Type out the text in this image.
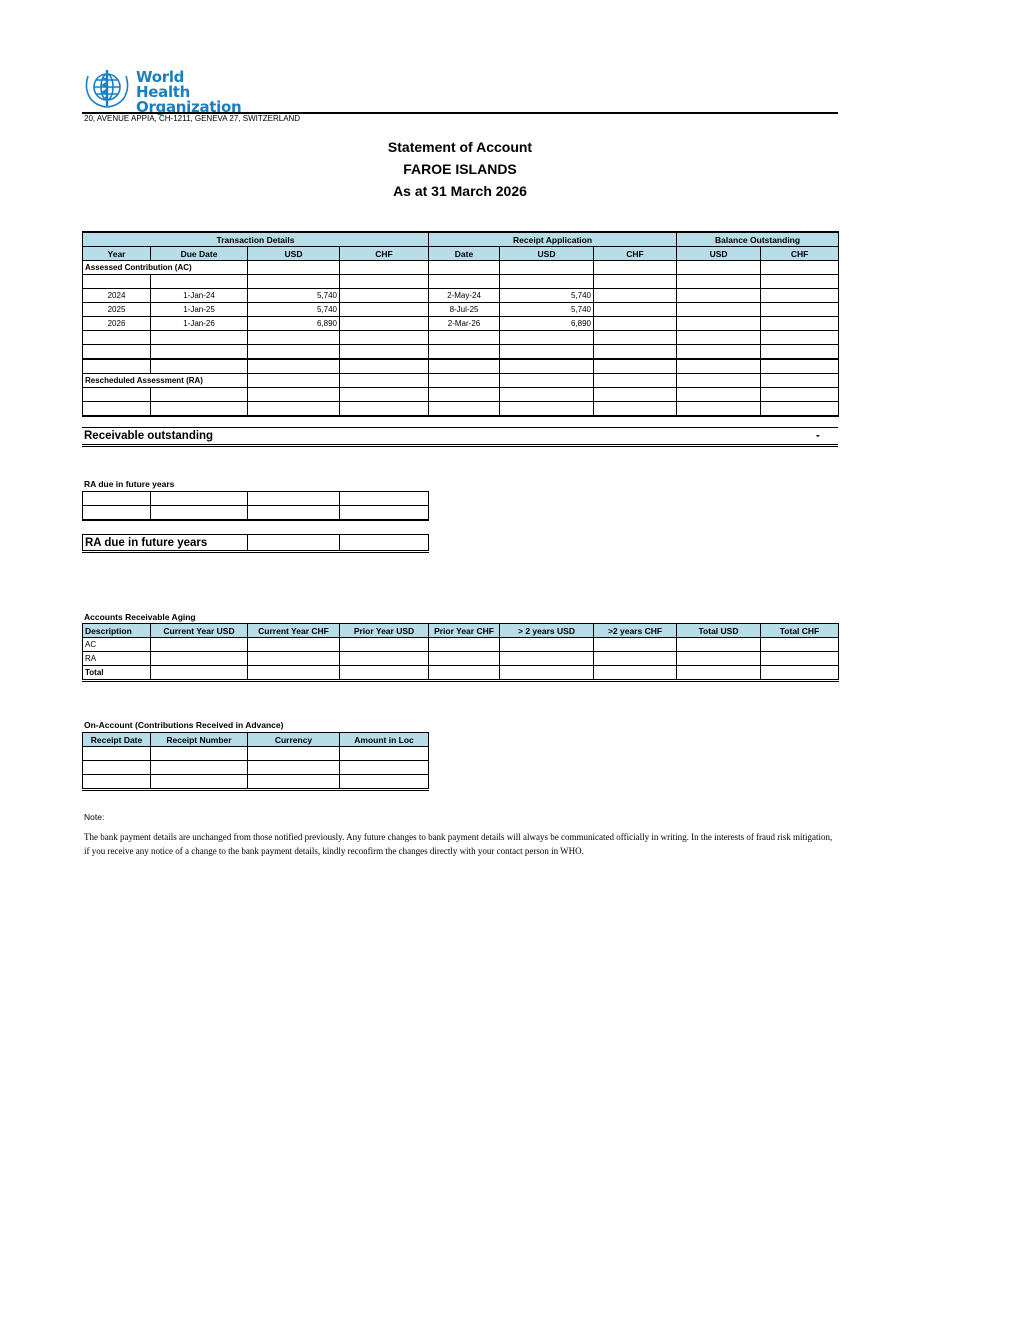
World Health
Organization
20, AVENUE APPIA, CH-1211, GENEVA 27, SWITZERLAND
Statement of Account
FAROE ISLANDS
As at 31 March 2026
Transaction Details				Receipt Application			Balance Outstanding	
Year	Due Date	USD	CHF	Date	USD	CHF	USD	CHF
Assessed Contribution (AC)								

2024	1-Jan-24	5,740		2-May-24	5,740			
2025	1-Jan-25	5,740		8-Jul-25	5,740			
2026	1-Jan-26	6,890		2-Mar-26	6,890			

Rescheduled Assessment (RA)								

Receivable outstanding	-
RA due in future years

RA due in future years		
Accounts Receivable Aging
Description	Current Year USD	Current Year CHF	Prior Year USD	Prior Year CHF	> 2 years USD	>2 years CHF	Total USD	Total CHF
AC								
RA								
Total								
On-Account (Contributions Received in Advance)
Receipt Date	Receipt Number	Currency	Amount in Loc

Note:
The bank payment details are unchanged from those notified previously. Any future changes to bank payment details will always be communicated officially in writing. In the interests of fraud risk mitigation, if you receive any notice of a change to the bank payment details, kindly reconfirm the changes directly with your contact person in WHO.
